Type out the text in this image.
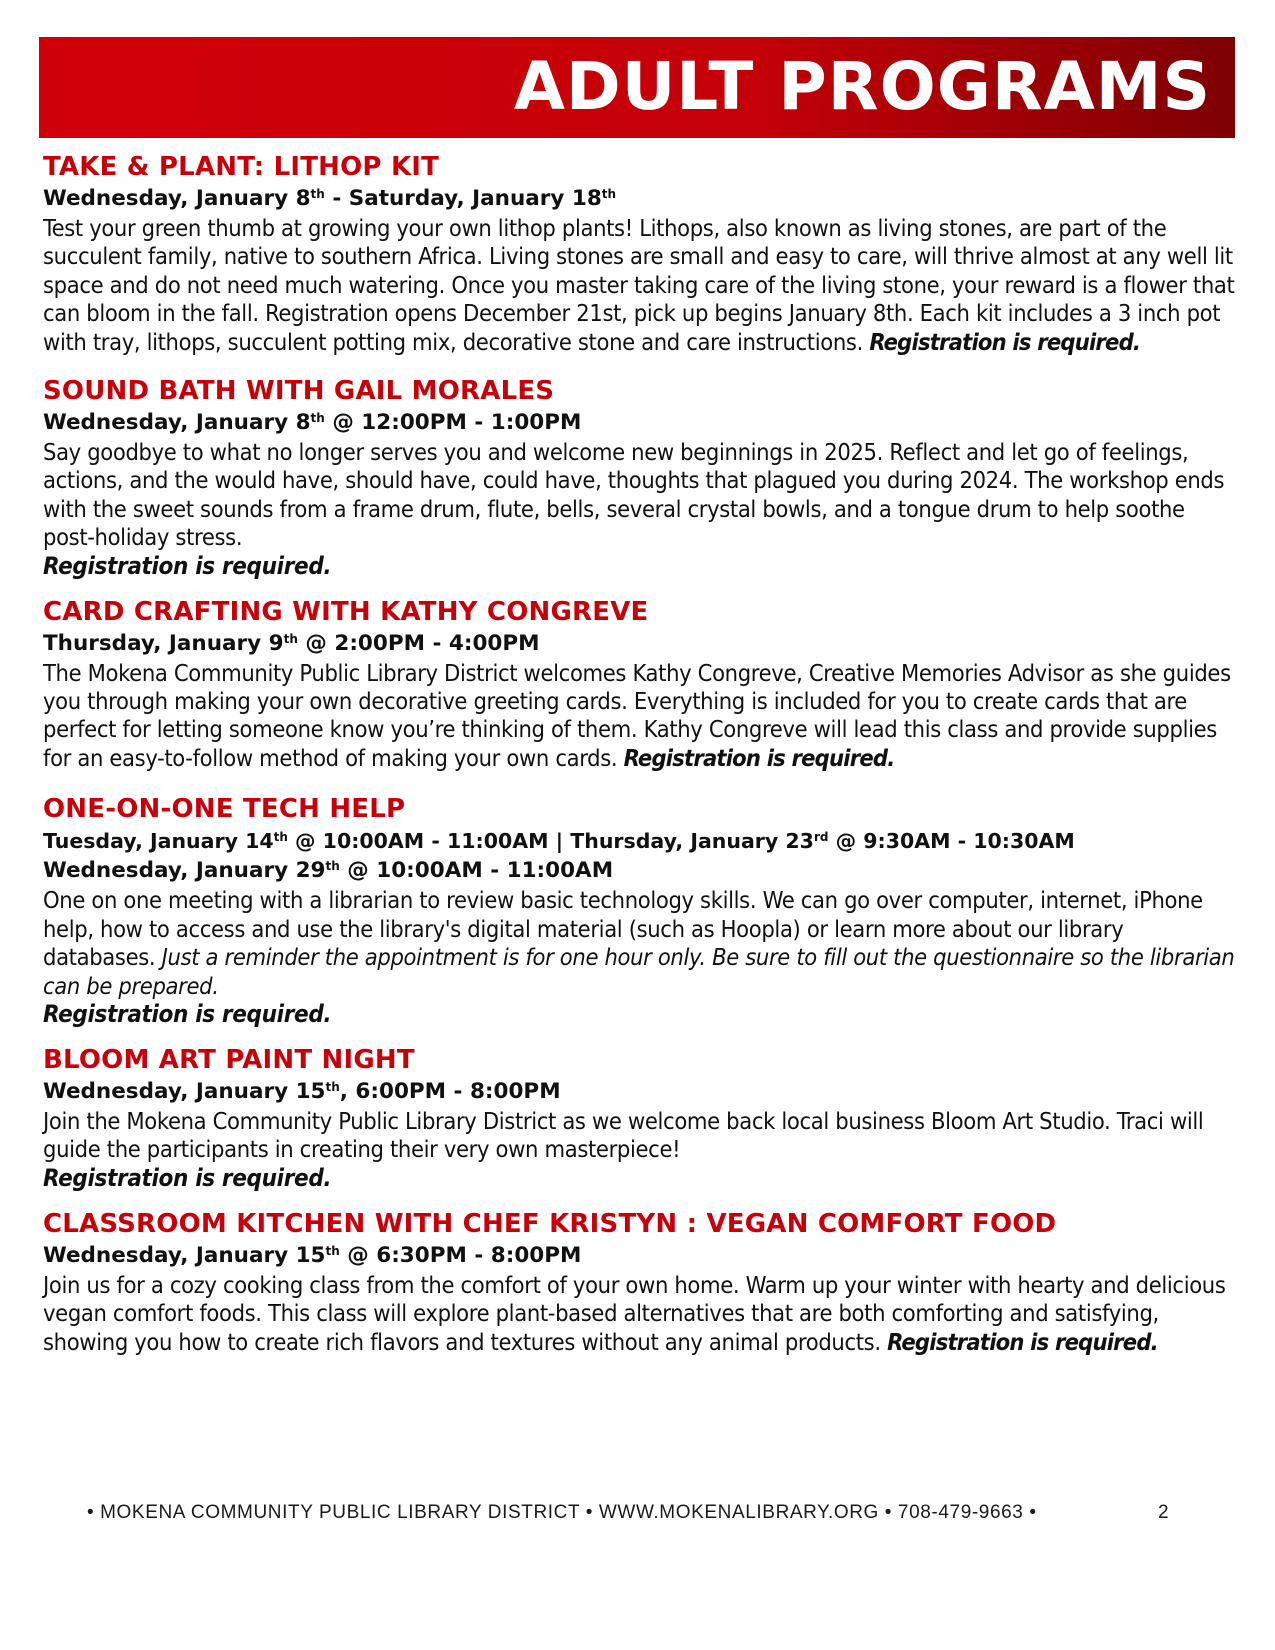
ADULT PROGRAMS
TAKE & PLANT: LITHOP KIT
Wednesday, January 8th - Saturday, January 18th
Test your green thumb at growing your own lithop plants! Lithops, also known as living stones, are part of the succulent family, native to southern Africa. Living stones are small and easy to care, will thrive almost at any well lit space and do not need much watering. Once you master taking care of the living stone, your reward is a flower that can bloom in the fall. Registration opens December 21st, pick up begins January 8th. Each kit includes a 3 inch pot with tray, lithops, succulent potting mix, decorative stone and care instructions. Registration is required.
SOUND BATH WITH GAIL MORALES
Wednesday, January 8th @ 12:00PM - 1:00PM
Say goodbye to what no longer serves you and welcome new beginnings in 2025. Reflect and let go of feelings, actions, and the would have, should have, could have, thoughts that plagued you during 2024. The workshop ends with the sweet sounds from a frame drum, flute, bells, several crystal bowls, and a tongue drum to help soothe post-holiday stress.
Registration is required.
CARD CRAFTING WITH KATHY CONGREVE
Thursday, January 9th @ 2:00PM - 4:00PM
The Mokena Community Public Library District welcomes Kathy Congreve, Creative Memories Advisor as she guides you through making your own decorative greeting cards. Everything is included for you to create cards that are perfect for letting someone know you’re thinking of them. Kathy Congreve will lead this class and provide supplies for an easy-to-follow method of making your own cards. Registration is required.
ONE-ON-ONE TECH HELP
Tuesday, January 14th @ 10:00AM - 11:00AM | Thursday, January 23rd @ 9:30AM - 10:30AM
Wednesday, January 29th @ 10:00AM - 11:00AM
One on one meeting with a librarian to review basic technology skills. We can go over computer, internet, iPhone help, how to access and use the library's digital material (such as Hoopla) or learn more about our library databases. Just a reminder the appointment is for one hour only. Be sure to fill out the questionnaire so the librarian can be prepared.
Registration is required.
BLOOM ART PAINT NIGHT
Wednesday, January 15th, 6:00PM - 8:00PM
Join the Mokena Community Public Library District as we welcome back local business Bloom Art Studio. Traci will guide the participants in creating their very own masterpiece!
Registration is required.
CLASSROOM KITCHEN WITH CHEF KRISTYN : VEGAN COMFORT FOOD
Wednesday, January 15th @ 6:30PM - 8:00PM
Join us for a cozy cooking class from the comfort of your own home. Warm up your winter with hearty and delicious vegan comfort foods. This class will explore plant-based alternatives that are both comforting and satisfying, showing you how to create rich flavors and textures without any animal products. Registration is required.
• MOKENA COMMUNITY PUBLIC LIBRARY DISTRICT • WWW.MOKENALIBRARY.ORG • 708-479-9663 •	2
